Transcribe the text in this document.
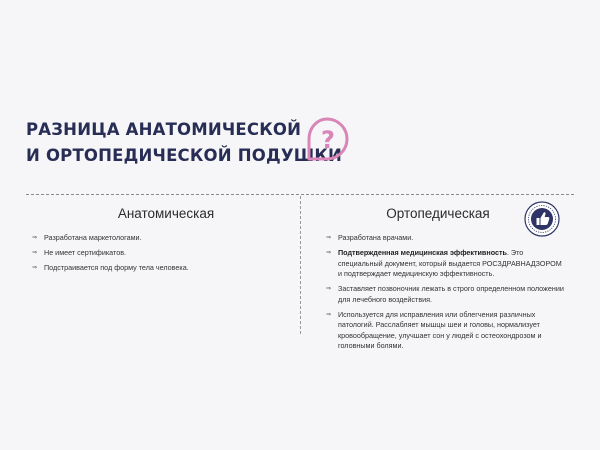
РАЗНИЦА АНАТОМИЧЕСКОЙ
И ОРТОПЕДИЧЕСКОЙ ПОДУШКИ
?
Анатомическая	Ортопедическая
⇒ Разработана маркетологами.
⇒ Не имеет сертификатов.
⇒ Подстраивается под форму тела человека.
⇒ Разработана врачами.
⇒ Подтвержденная медицинская эффективность. Это специальный документ, который выдается РОСЗДРАВНАДЗОРОМ и подтверждает медицинскую эффективность.
⇒ Заставляет позвоночник лежать в строго определенном положении для лечебного воздействия.
⇒ Используется для исправления или облегчения различных патологий. Расслабляет мышцы шеи и головы, нормализует кровообращение, улучшает сон у людей с остеохондрозом и головными болями.
